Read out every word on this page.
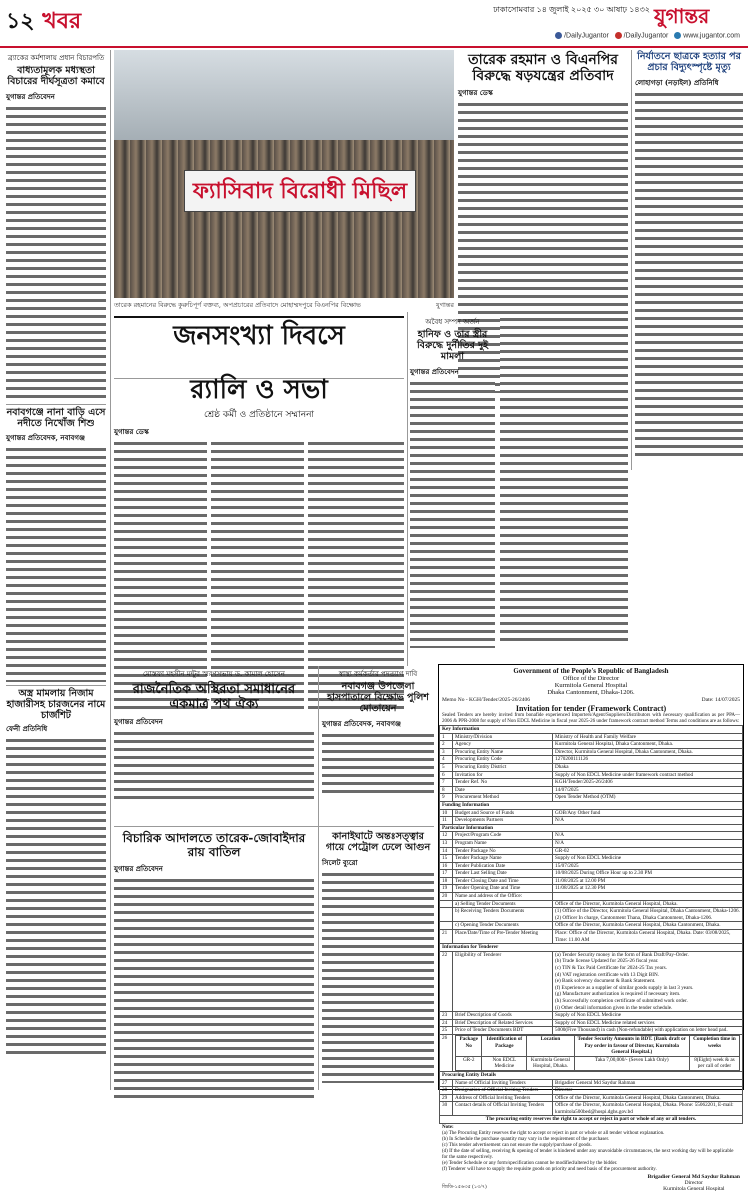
১২ খবর	ঢাকাসোমবার ১৪ জুলাই ২০২৫ ৩০ আষাঢ় ১৪৩২ যুগান্তর
/DailyJugantor /DailyJugantor www.jugantor.com
ব্র্যাকের কর্মশালায় প্রধান বিচারপতি
বাধ্যতামূলক মধ্যস্থতা বিচারের দীর্ঘসূত্রতা কমাবে
যুগান্তর প্রতিবেদন
নবাবগঞ্জে নানা বাড়ি এসে নদীতে নিখোঁজ শিশু
যুগান্তর প্রতিবেদক, নবাবগঞ্জ
অস্ত্র মামলায় নিজাম হাজারীসহ চারজনের নামে চার্জশিট
ফেনী প্রতিনিধি
ফ্যাসিবাদ বিরোধী মিছিল
তারেক রহমানের বিরুদ্ধে কুরুচিপূর্ণ বক্তব্য, অপপ্রচারের প্রতিবাদে মোহাম্মদপুরে বিএনপির বিক্ষোভ	যুগান্তর
তারেক রহমান ও বিএনপির বিরুদ্ধে ষড়যন্ত্রের প্রতিবাদ
যুগান্তর ডেস্ক
নির্যাতনে ছাত্রকে হত্যার পর প্রচার বিদ্যুৎস্পৃষ্টে মৃত্যু
লোহাগড়া (নড়াইল) প্রতিনিধি
জনসংখ্যা দিবসে
র‍্যালি ও সভা
শ্রেষ্ঠ কর্মী ও প্রতিষ্ঠানে সম্মাননা
যুগান্তর ডেস্ক
অবৈধ সম্পদ অর্জন
হানিফ ও তার স্ত্রীর বিরুদ্ধে দুর্নীতির দুই মামলা
যুগান্তর প্রতিবেদন
Government of the People's Republic of Bangladesh
Office of the Director
Kurmitola General Hospital
Dhaka Cantonment, Dhaka-1206.
Memo No - KGH/Tender/2025-26/2406	Date: 14/07/2025
Invitation for tender (Framework Contract)
Sealed Tenders are hereby invited from bonafide experienced Importers/Agent/Suppliers/Distributors with necessary qualification as per PPA— 2006 & PPR-2008 for supply of Non EDCL Medicine in fiscal year 2025-26 under framework contract method Terms and conditions are as follows:
Key Information
1	Ministry/Division	Ministry of Health and Family Welfare
2	Agency	Kurmitola General Hospital, Dhaka Cantonment, Dhaka.
3	Procuring Entity Name	Director, Kurmitola General Hospital, Dhaka Cantonment, Dhaka.
4	Procuring Entity Code	1270200111126
5	Procuring Entity District	Dhaka
6	Invitation for	Supply of Non EDCL Medicine under framework contract method
7	Tender Ref. No	KGH/Tender/2025-26/2406
8	Date	14/07/2025
9	Procurement Method	Open Tender Method (OTM)
Funding Information
10	Budget and Source of Funds	GOB/Any Other fund
11	Developments Partners	N/A
Particular Information
12	Project/Program Code	N/A
13	Program Name	N/A
14	Tender Package No	GR-02
15	Tender Package Name	Supply of Non EDCL Medicine
16	Tender Publication Date	15/07/2025
17	Tender Last Selling Date	10/08/2025 During Office Hour up to 2.30 PM
18	Tender Closing Date and Time	11/08/2025 at 12.00 PM
19	Tender Opening Date and Time	11/08/2025 at 12.30 PM
20	Name and address of the Office:	
	a) Selling Tender Documents	Office of the Director, Kurmitola General Hospital, Dhaka.
	b) Receiving Tenders Documents	(1) Office of the Director, Kurmitola General Hospital, Dhaka Cantonment, Dhaka-1206. (2) Officer In charge, Cantonment Thana, Dhaka Cantonment, Dhaka-1206.
	c) Opening Tender Documents	Office of the Director, Kurmitola General Hospital, Dhaka Cantonment, Dhaka.
21	Place/Date/Time of Pre-Tender Meeting	Place: Office of the Director, Kurmitola General Hospital, Dhaka. Date: 03/08/2025, Time: 11.00 AM
Information for Tenderer
22	Eligibility of Tenderer	(a) Tender Security money in the form of Bank Draft/Pay-Order.
(b) Trade license Updated for 2025-26 fiscal year.
(c) TIN & Tax Paid Certificate for 2024-25 Tax years.
(d) VAT registration certificate with 13 Digit BIN.
(e) Bank solvency document & Bank Statement.
(f) Experience as a supplier of similar goods supply in last 3 years.
(g) Manufacturer authorization is required if necessary item.
(h) Successfully completion certificate of submitted work order.
(i) Other detail information given in the tender schedule.

23	Brief Description of Goods	Supply of Non EDCL Medicine
24	Brief Description of Related Services	Supply of Non EDCL Medicine related services
25	Price of Tender Documents BDT	5000(Five Thousand) in cash (Non-refundable) with application on letter head pad.
26	Package No	Identification of Package	Location	Tender Security Amounts in BDT. (Bank draft or Pay order in favour of Director, Kurmitola General Hospital.)	Completion time in weeks
GR-2	Non EDCL Medicine	Kurmitola General Hospital, Dhaka.	Taka 7,00,000/- (Seven Lakh Only)	8(Eight) week & as per call of order

Procuring Entity Details
27	Name of Official Inviting Tenders	Brigadier General Md Saydur Rahman
28	Designation of Official Inviting Tenders	Director
29	Address of Official Inviting Tenders	Office of the Director, Kurmitola General Hospital, Dhaka Cantonment, Dhaka.
30	Contact details of Official Inviting Tenders	Office of the Director, Kurmitola General Hospital, Dhaka. Phone: 55062201, E-mail: kurmitola500bed@hospi.dghs.gov.bd
The procuring entity reserves the right to accept or reject in part or whole of any or all tenders.
Note:
(a) The Procuring Entity reserves the right to accept or reject in part or whole or all tender without explanation.
(b) In Schedule the purchase quantity may vary in the requirement of the purchaser.
(c) This tender advertisement can not ensure the supply/purchase of goods.
(d) If the date of selling, receiving & opening of tender is hindered under any unavoidable circumstances, the next working day will be applicable for the same respectively.
(e) Tender Schedule or any form/specification cannot be modified/altered by the bidder.
(f) Tenderer will have to supply the requisite goods on priority and need basis of the procurement authority.
জিডি-১৫৬৩৫ (১৩/৭)
Brigadier General Md Saydur Rahman
Director
Kurmitola General Hospital
মোস্তফা মহসীন মন্টুর স্মরণসভায় ড. কামাল হোসেন
রাজনৈতিক অস্থিরতা সমাধানের একমাত্র পথ ঐক্য
যুগান্তর প্রতিবেদন
স্বাস্থ্য কর্মকর্তার পদত্যাগ দাবি
নবাবগঞ্জ উপজেলা হাসপাতালে বিক্ষোভ পুলিশ মোতায়েন
যুগান্তর প্রতিবেদক, নবাবগঞ্জ
বিচারিক আদালতে তারেক-জোবাইদার রায় বাতিল
যুগান্তর প্রতিবেদন
কানাইঘাটে অন্তঃসত্ত্বার গায়ে পেট্রোল ঢেলে আগুন
সিলেট ব্যুরো
